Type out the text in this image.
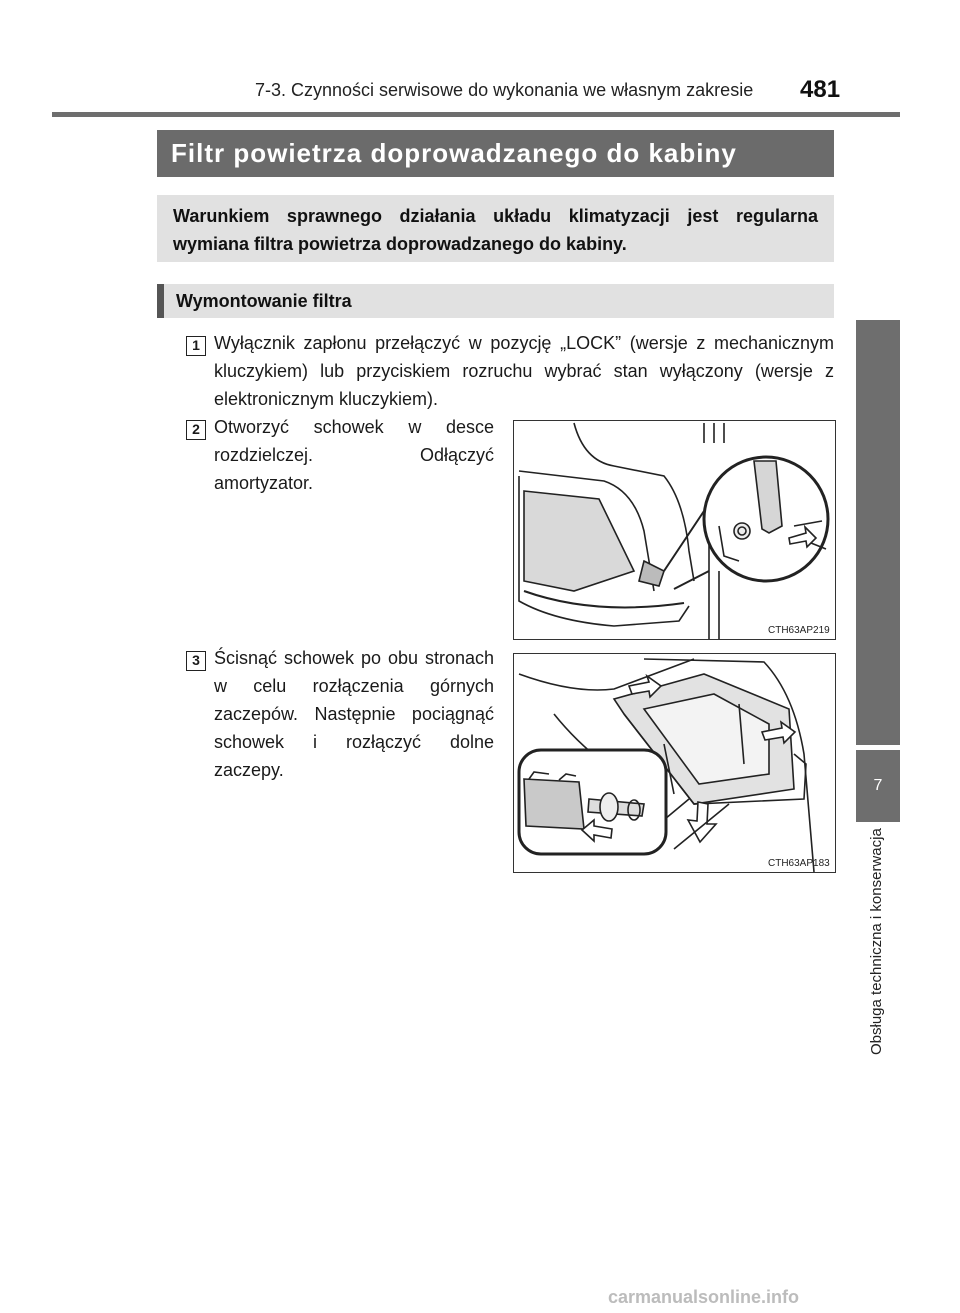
7-3. Czynności serwisowe do wykonania we własnym zakresie 481
Filtr powietrza doprowadzanego do kabiny
Warunkiem sprawnego działania układu klimatyzacji jest regularna wymiana filtra powietrza doprowadzanego do kabiny.
Wymontowanie filtra
1 Wyłącznik zapłonu przełączyć w pozycję „LOCK” (wersje z mechanicznym kluczykiem) lub przyciskiem rozruchu wybrać stan wyłączony (wersje z elektronicznym kluczykiem).
2 Otworzyć schowek w desce rozdzielczej. Odłączyć amortyzator.
CTH63AP219
3 Ścisnąć schowek po obu stronach w celu rozłączenia górnych zaczepów. Następnie pociągnąć schowek i rozłączyć dolne zaczepy.
CTH63AP183
7
Obsługa techniczna i konserwacja
carmanualsonline.info
